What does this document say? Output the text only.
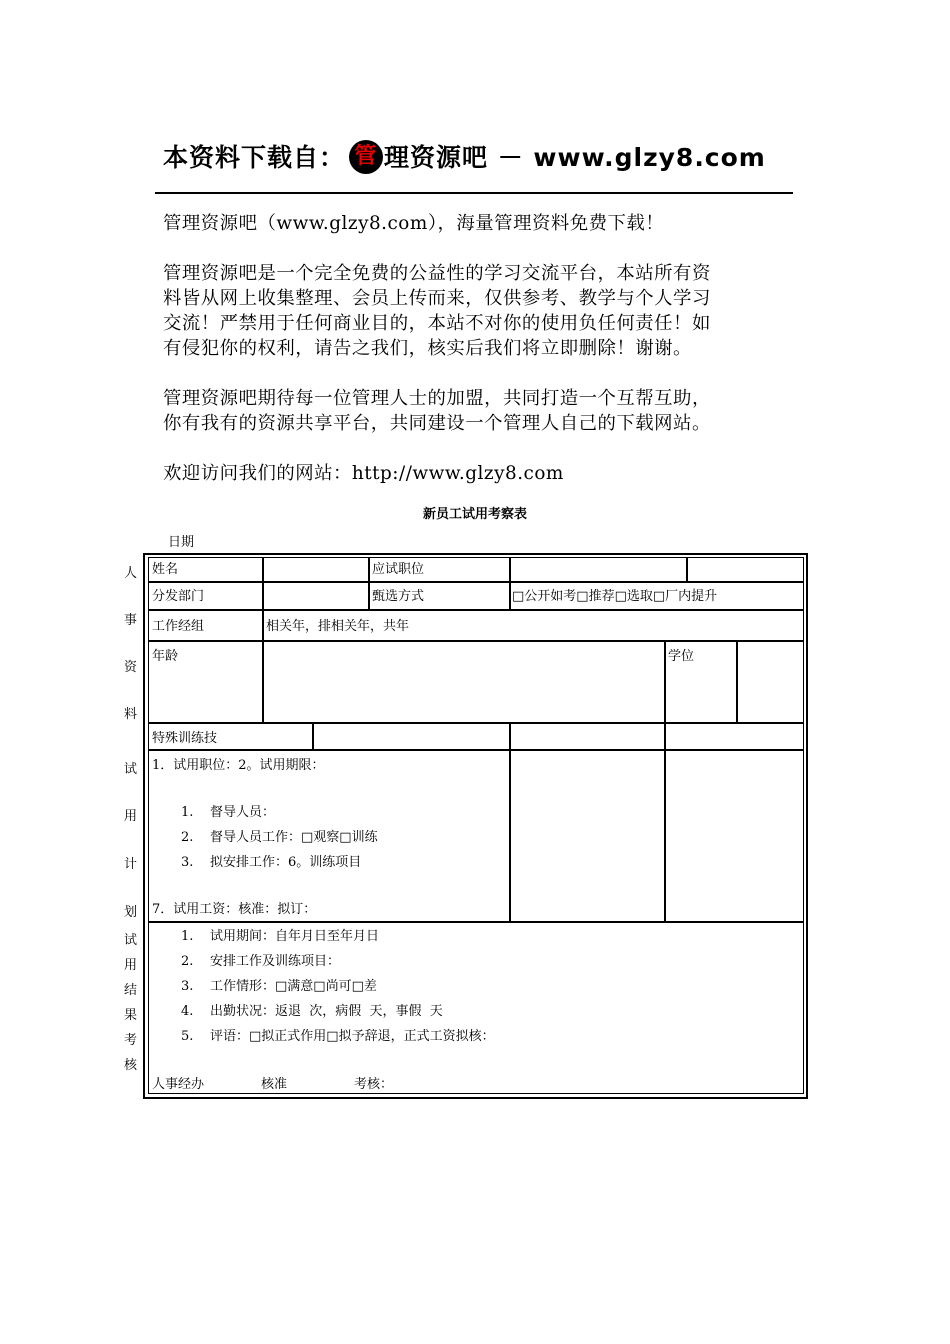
本资料下载自： 管 理资源吧 － www.glzy8.com
管理资源吧（www.glzy8.com），海量管理资料免费下载！
管理资源吧是一个完全免费的公益性的学习交流平台，本站所有资
料皆从网上收集整理、会员上传而来，仅供参考、教学与个人学习
交流！严禁用于任何商业目的，本站不对你的使用负任何责任！如
有侵犯你的权利，请告之我们，核实后我们将立即删除！谢谢。
管理资源吧期待每一位管理人士的加盟，共同打造一个互帮互助，
你有我有的资源共享平台，共同建设一个管理人自己的下载网站。
欢迎访问我们的网站：http://www.glzy8.com
新员工试用考察表
日期
人
事
资
料
试
用
计
划
试
用
结
果
考
核
姓名	应试职位
分发部门	甄选方式	□公开如考□推荐□选取□厂内提升
工作经组	相关年，排相关年，共年
年龄	学位
特殊训练技
1．试用职位：2。试用期限：
1. 督导人员：
2. 督导人员工作：□观察□训练
3. 拟安排工作：6。训练项目
7．试用工资：核准：拟订：
1. 试用期间：自年月日至年月日
2. 安排工作及训练项目：
3. 工作情形：□满意□尚可□差
4. 出勤状况：返退  次，病假  天，事假  天
5. 评语：□拟正式作用□拟予辞退，正式工资拟核：
人事经办	核准	考核：
